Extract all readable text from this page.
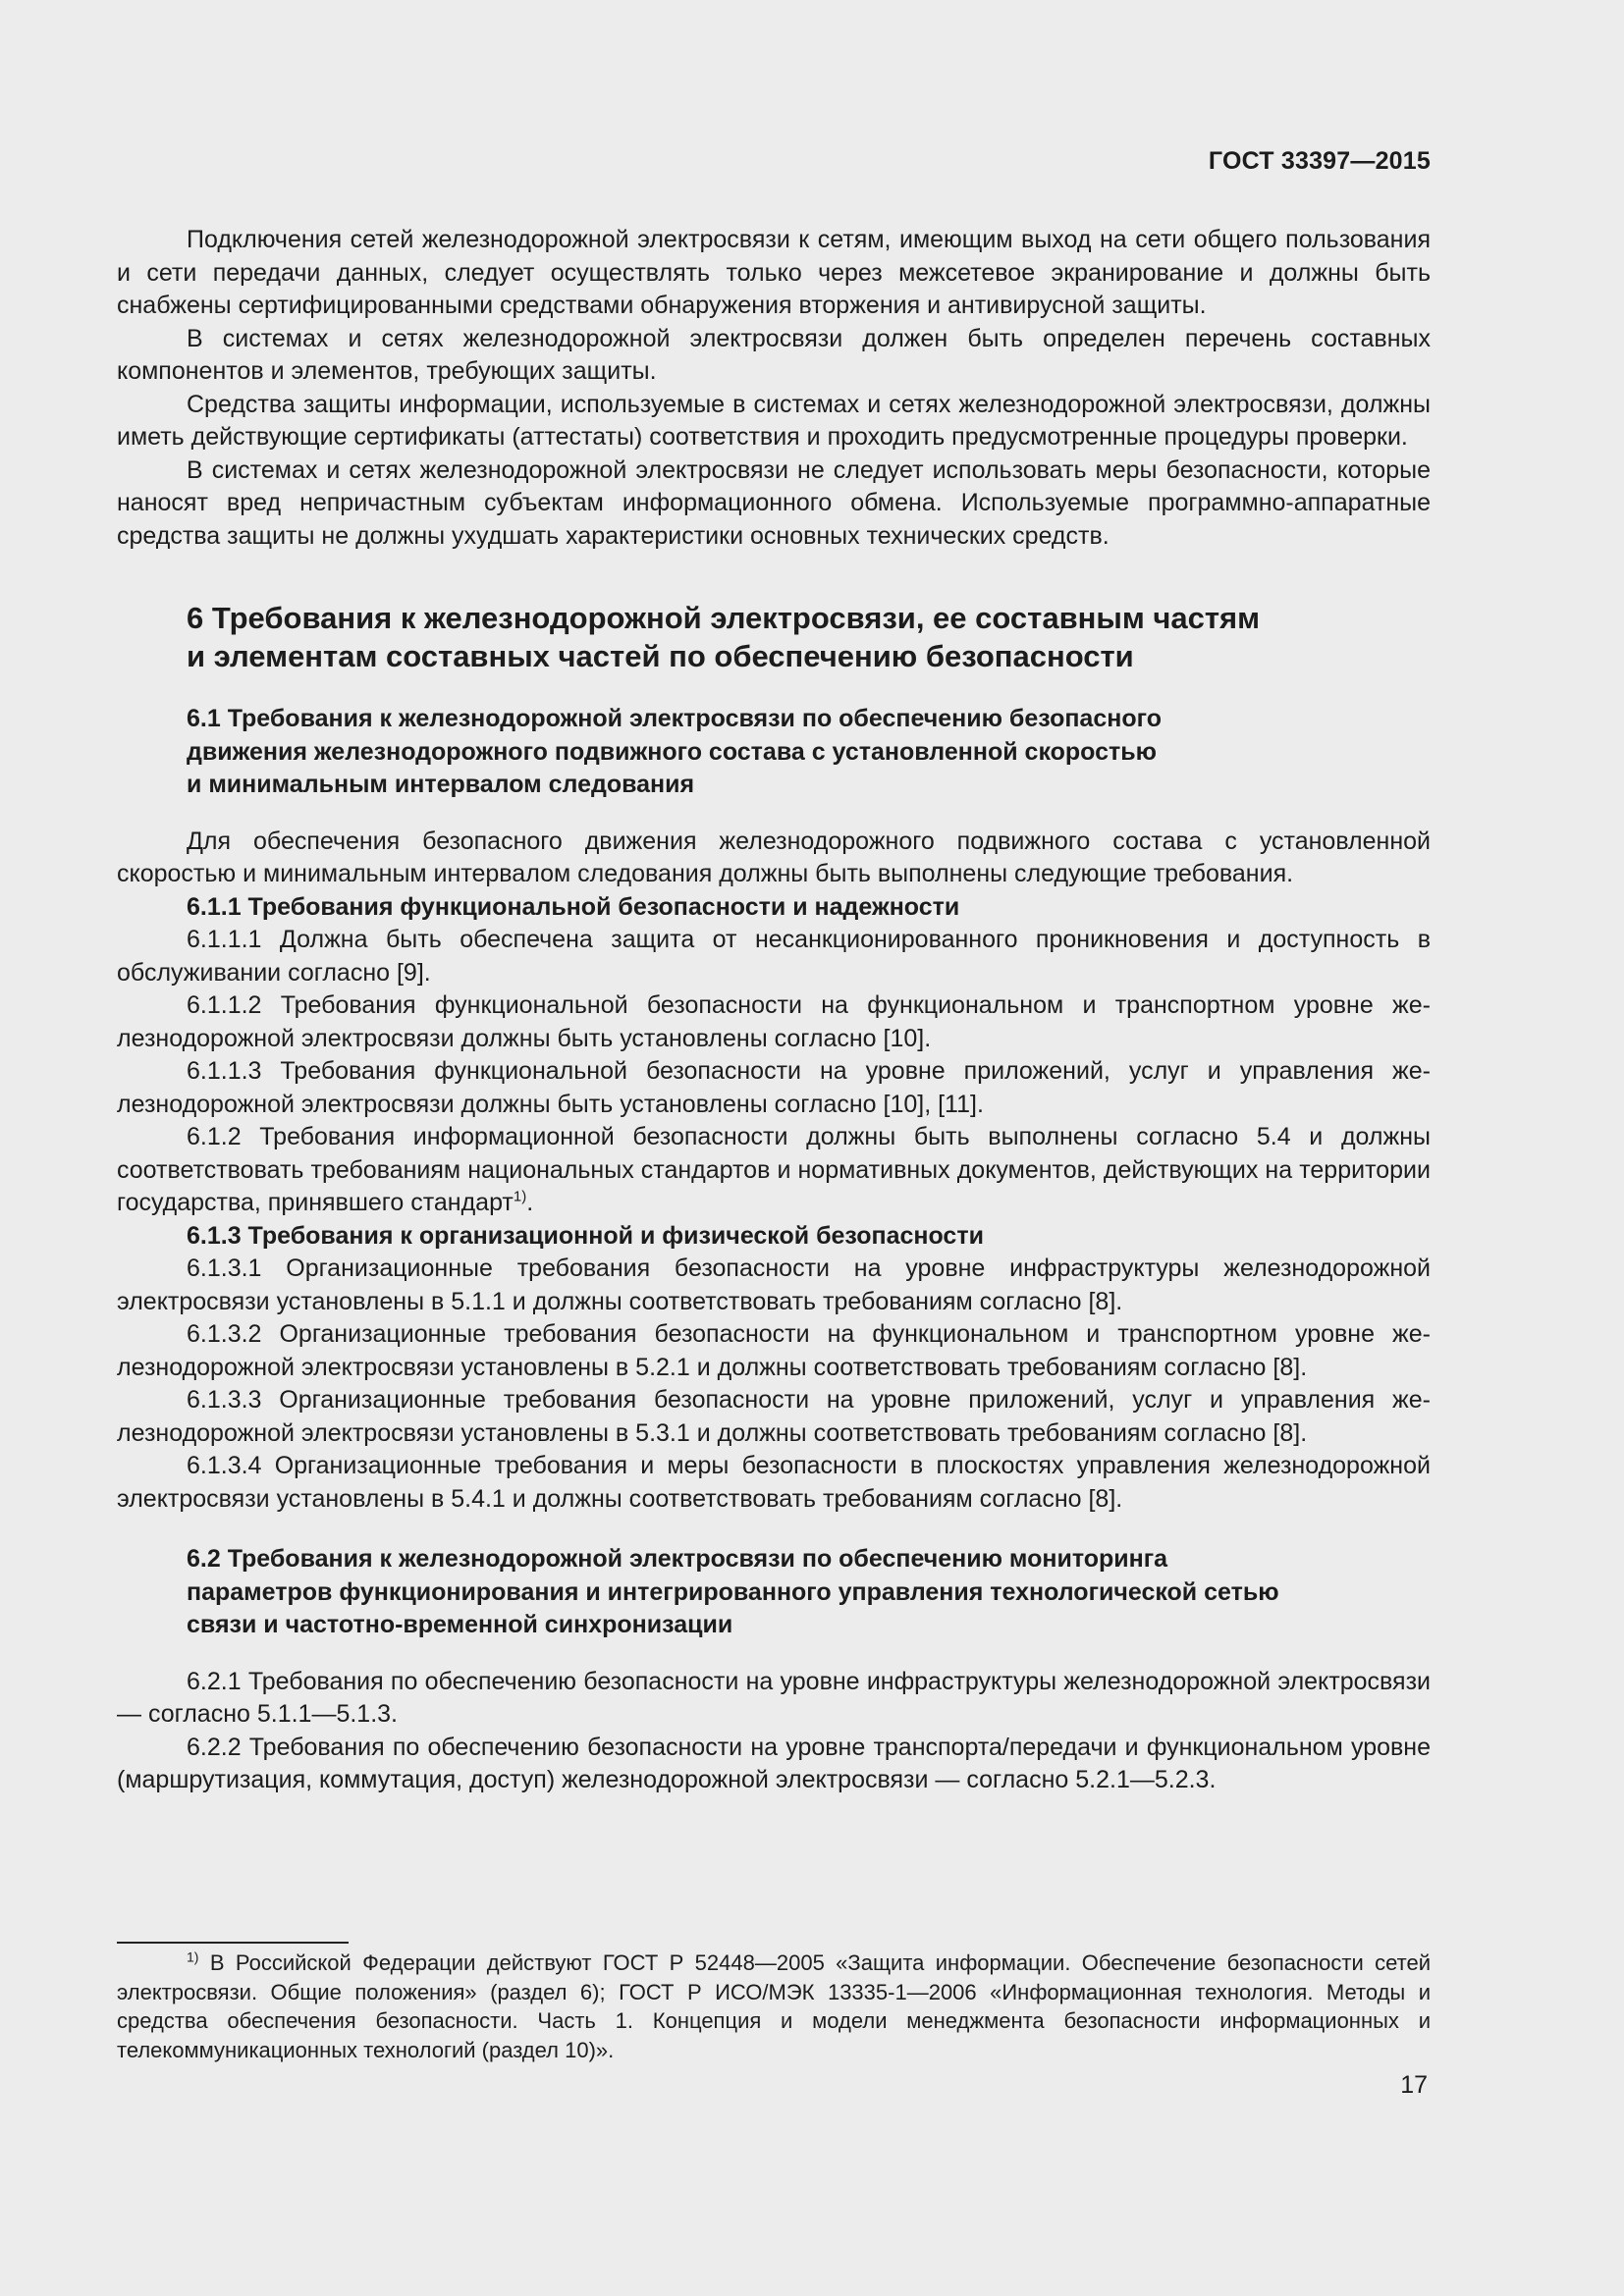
ГОСТ 33397—2015

Подключения сетей железнодорожной электросвязи к сетям, имеющим выход на сети общего пользования и сети передачи данных, следует осуществлять только через межсетевое экранирование и должны быть снабжены сертифицированными средствами обнаружения вторжения и антивирусной защиты.

В системах и сетях железнодорожной электросвязи должен быть определен перечень составных компонентов и элементов, требующих защиты.

Средства защиты информации, используемые в системах и сетях железнодорожной электросвязи, должны иметь действующие сертификаты (аттестаты) соответствия и проходить предусмотренные процедуры проверки.

В системах и сетях железнодорожной электросвязи не следует использовать меры безопасности, которые наносят вред непричастным субъектам информационного обмена. Используемые программно-аппаратные средства защиты не должны ухудшать характеристики основных технических средств.

6 Требования к железнодорожной электросвязи, ее составным частям
и элементам составных частей по обеспечению безопасности
6.1 Требования к железнодорожной электросвязи по обеспечению безопасного
движения железнодорожного подвижного состава с установленной скоростью
и минимальным интервалом следования

Для обеспечения безопасного движения железнодорожного подвижного состава с установленной скоростью и минимальным интервалом следования должны быть выполнены следующие требования.

6.1.1 Требования функциональной безопасности и надежности

6.1.1.1 Должна быть обеспечена защита от несанкционированного проникновения и доступность в обслуживании согласно [9].

6.1.1.2 Требования функциональной безопасности на функциональном и транспортном уровне железнодорожной электросвязи должны быть установлены согласно [10].

6.1.1.3 Требования функциональной безопасности на уровне приложений, услуг и управления железнодорожной электросвязи должны быть установлены согласно [10], [11].

6.1.2 Требования информационной безопасности должны быть выполнены согласно 5.4 и должны соответствовать требованиям национальных стандартов и нормативных документов, действующих на территории государства, принявшего стандарт$^{1)}$.

6.1.3 Требования к организационной и физической безопасности

6.1.3.1 Организационные требования безопасности на уровне инфраструктуры железнодорожной электросвязи установлены в 5.1.1 и должны соответствовать требованиям согласно [8].

6.1.3.2 Организационные требования безопасности на функциональном и транспортном уровне железнодорожной электросвязи установлены в 5.2.1 и должны соответствовать требованиям согласно [8].

6.1.3.3 Организационные требования безопасности на уровне приложений, услуг и управления железнодорожной электросвязи установлены в 5.3.1 и должны соответствовать требованиям согласно [8].

6.1.3.4 Организационные требования и меры безопасности в плоскостях управления железнодорожной электросвязи установлены в 5.4.1 и должны соответствовать требованиям согласно [8].

6.2 Требования к железнодорожной электросвязи по обеспечению мониторинга
параметров функционирования и интегрированного управления технологической сетью
связи и частотно-временной синхронизации

6.2.1 Требования по обеспечению безопасности на уровне инфраструктуры железнодорожной электросвязи — согласно 5.1.1—5.1.3.

6.2.2 Требования по обеспечению безопасности на уровне транспорта/передачи и функциональном уровне (маршрутизация, коммутация, доступ) железнодорожной электросвязи — согласно 5.2.1—5.2.3.

$^{1)}$ В Российской Федерации действуют ГОСТ Р 52448—2005 «Защита информации. Обеспечение безопасности сетей электросвязи. Общие положения» (раздел 6); ГОСТ Р ИСО/МЭК 13335-1—2006 «Информационная технология. Методы и средства обеспечения безопасности. Часть 1. Концепция и модели менеджмента безопасности информационных и телекоммуникационных технологий (раздел 10)».
17
